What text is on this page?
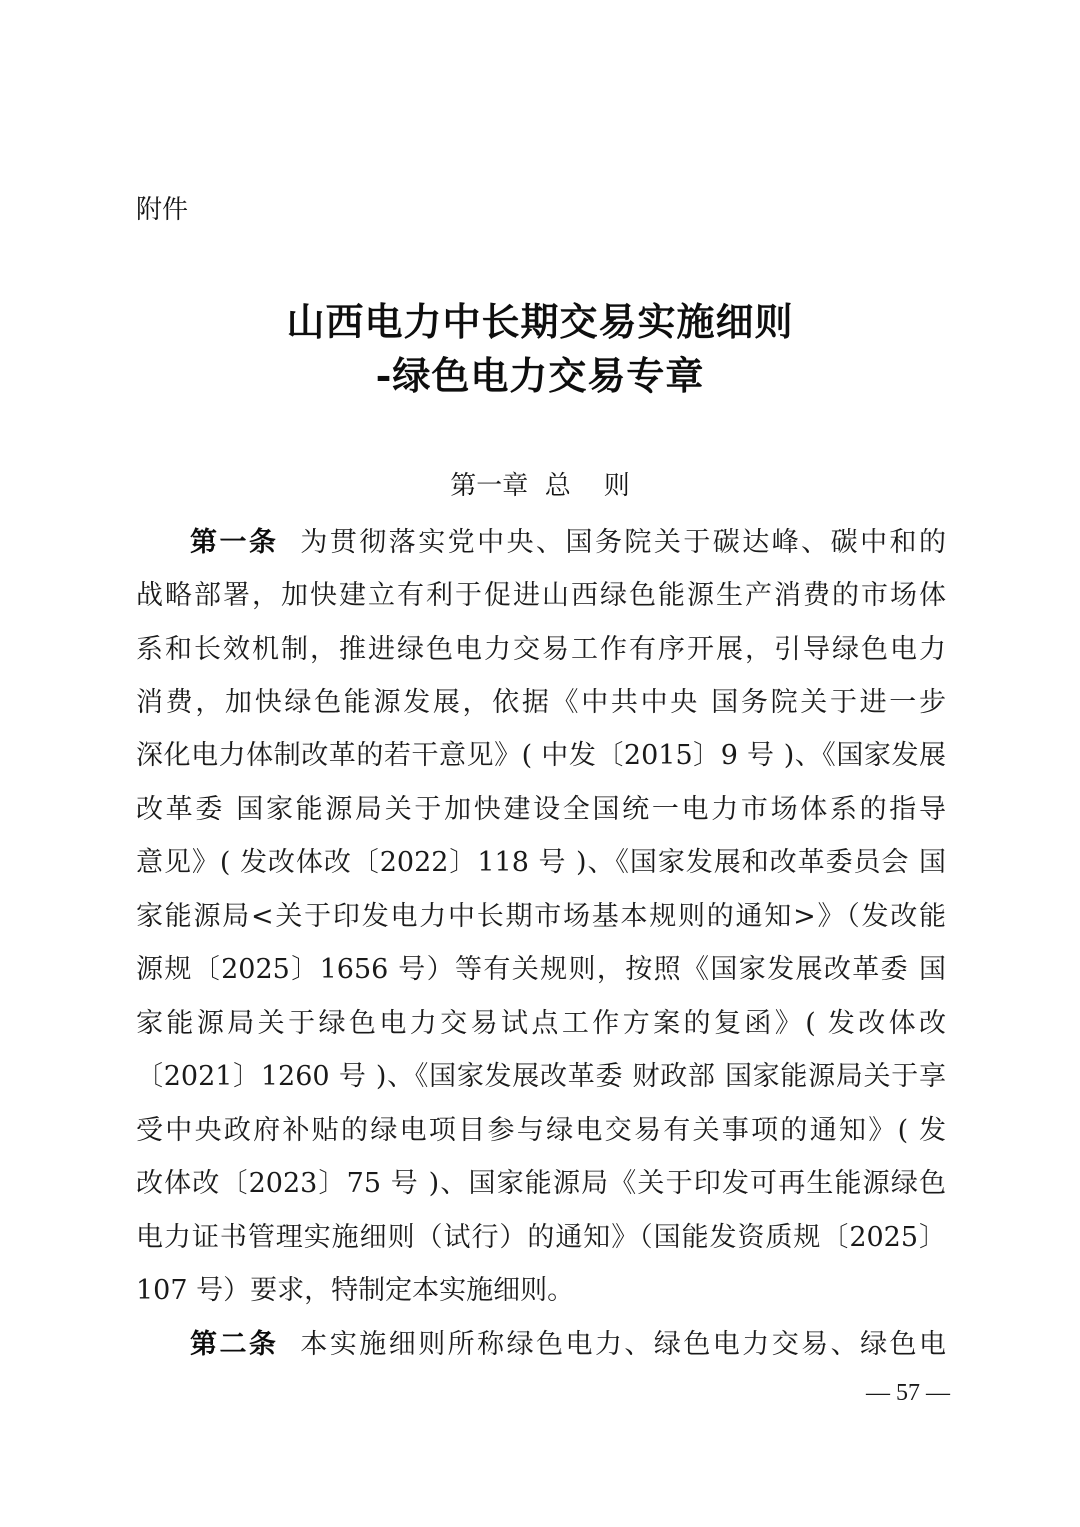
附件
山西电力中长期交易实施细则
-绿色电力交易专章
第一章  总    则
第一条 为贯彻落实党中央、国务院关于碳达峰、碳中和的
战略部署，加快建立有利于促进山西绿色能源生产消费的市场体
系和长效机制，推进绿色电力交易工作有序开展，引导绿色电力
消费，加快绿色能源发展，依据《中共中央 国务院关于进一步
深化电力体制改革的若干意见》( 中发〔2015〕9 号 )、《国家发展
改革委 国家能源局关于加快建设全国统一电力市场体系的指导
意见》( 发改体改〔2022〕118 号 )、《国家发展和改革委员会 国
家能源局<关于印发电力中长期市场基本规则的通知>》（发改能
源规〔2025〕1656 号）等有关规则，按照《国家发展改革委 国
家能源局关于绿色电力交易试点工作方案的复函》( 发改体改
〔2021〕1260 号 )、《国家发展改革委 财政部 国家能源局关于享
受中央政府补贴的绿电项目参与绿电交易有关事项的通知》( 发
改体改〔2023〕75 号 )、国家能源局《关于印发可再生能源绿色
电力证书管理实施细则（试行）的通知》（国能发资质规〔2025〕
107 号）要求，特制定本实施细则。
第二条 本实施细则所称绿色电力、绿色电力交易、绿色电
— 57 —
